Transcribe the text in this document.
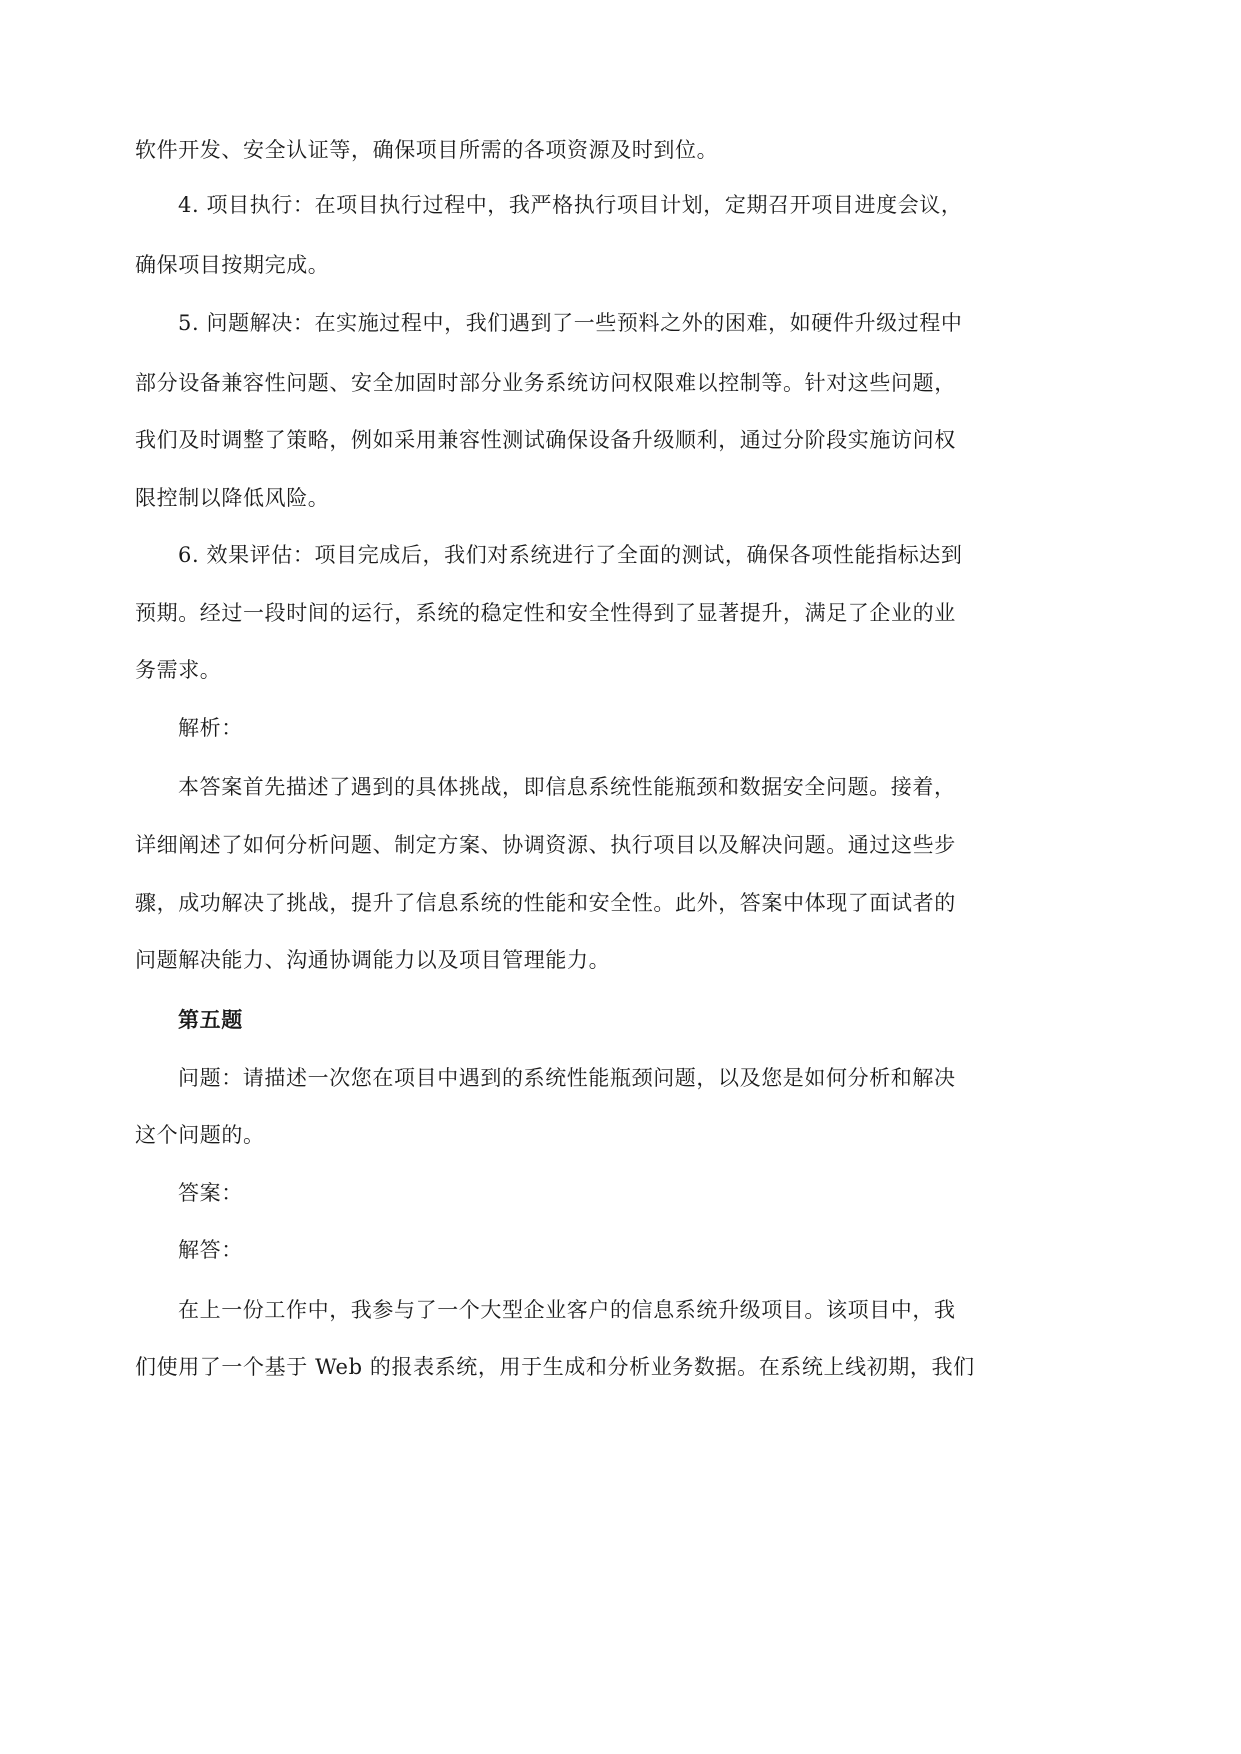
软件开发、安全认证等，确保项目所需的各项资源及时到位。
4. 项目执行：在项目执行过程中，我严格执行项目计划，定期召开项目进度会议，
确保项目按期完成。
5. 问题解决：在实施过程中，我们遇到了一些预料之外的困难，如硬件升级过程中
部分设备兼容性问题、安全加固时部分业务系统访问权限难以控制等。针对这些问题，
我们及时调整了策略，例如采用兼容性测试确保设备升级顺利，通过分阶段实施访问权
限控制以降低风险。
6. 效果评估：项目完成后，我们对系统进行了全面的测试，确保各项性能指标达到
预期。经过一段时间的运行，系统的稳定性和安全性得到了显著提升，满足了企业的业
务需求。
解析：
本答案首先描述了遇到的具体挑战，即信息系统性能瓶颈和数据安全问题。接着，
详细阐述了如何分析问题、制定方案、协调资源、执行项目以及解决问题。通过这些步
骤，成功解决了挑战，提升了信息系统的性能和安全性。此外，答案中体现了面试者的
问题解决能力、沟通协调能力以及项目管理能力。
第五题
问题：请描述一次您在项目中遇到的系统性能瓶颈问题，以及您是如何分析和解决
这个问题的。
答案：
解答：
在上一份工作中，我参与了一个大型企业客户的信息系统升级项目。该项目中，我
们使用了一个基于 Web 的报表系统，用于生成和分析业务数据。在系统上线初期，我们
